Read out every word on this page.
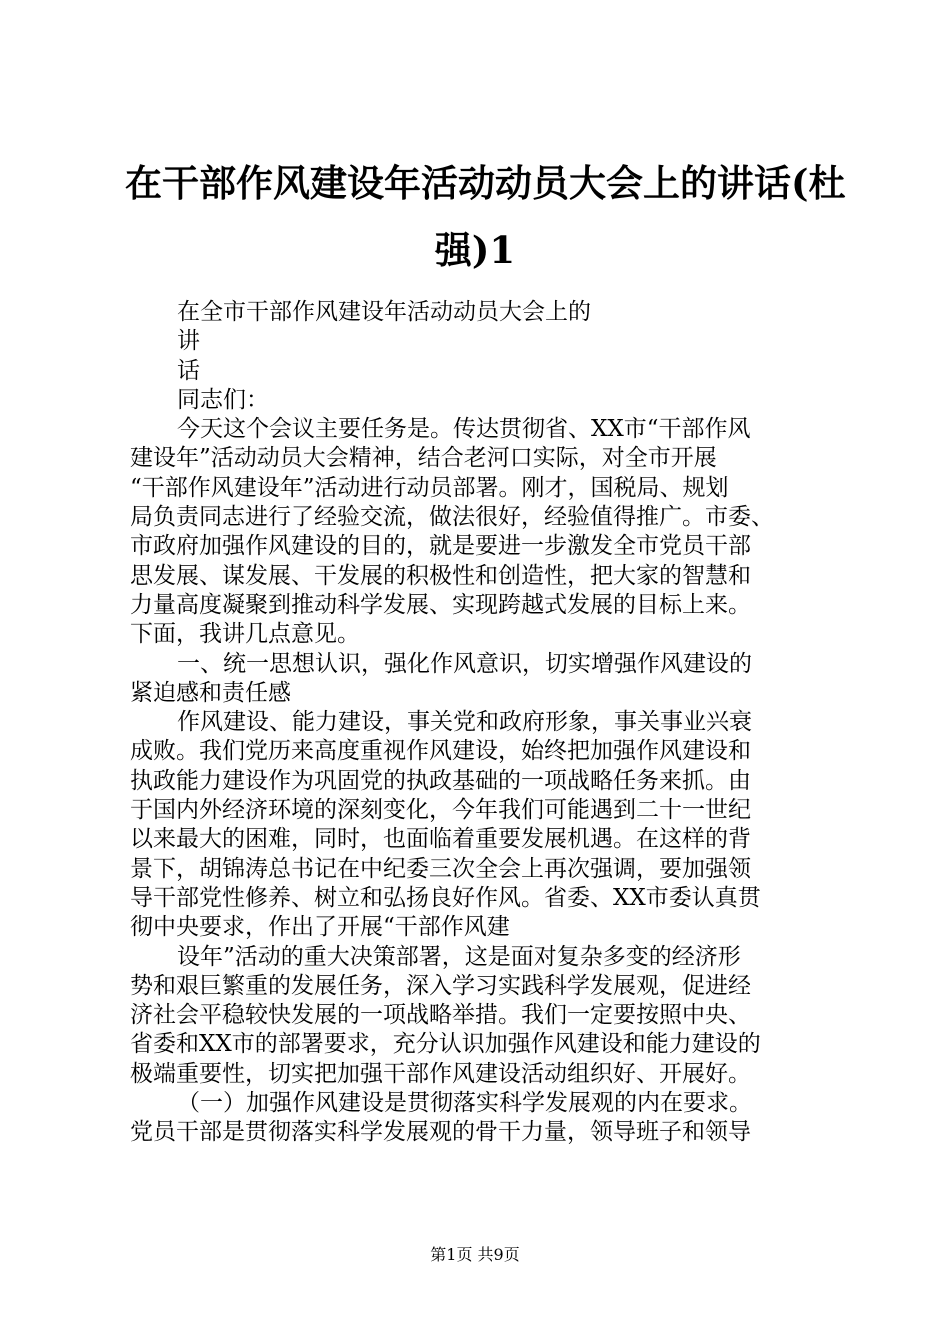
在干部作风建设年活动动员大会上的讲话(杜
强)1
在全市干部作风建设年活动动员大会上的
讲
话
同志们：
今天这个会议主要任务是。传达贯彻省、XX市“干部作风
建设年”活动动员大会精神，结合老河口实际，对全市开展
“干部作风建设年”活动进行动员部署。刚才，国税局、规划
局负责同志进行了经验交流，做法很好，经验值得推广。市委、
市政府加强作风建设的目的，就是要进一步激发全市党员干部
思发展、谋发展、干发展的积极性和创造性，把大家的智慧和
力量高度凝聚到推动科学发展、实现跨越式发展的目标上来。
下面，我讲几点意见。
一、统一思想认识，强化作风意识，切实增强作风建设的
紧迫感和责任感
作风建设、能力建设，事关党和政府形象，事关事业兴衰
成败。我们党历来高度重视作风建设，始终把加强作风建设和
执政能力建设作为巩固党的执政基础的一项战略任务来抓。由
于国内外经济环境的深刻变化，今年我们可能遇到二十一世纪
以来最大的困难，同时，也面临着重要发展机遇。在这样的背
景下，胡锦涛总书记在中纪委三次全会上再次强调，要加强领
导干部党性修养、树立和弘扬良好作风。省委、XX市委认真贯
彻中央要求，作出了开展“干部作风建
设年”活动的重大决策部署，这是面对复杂多变的经济形
势和艰巨繁重的发展任务，深入学习实践科学发展观，促进经
济社会平稳较快发展的一项战略举措。我们一定要按照中央、
省委和XX市的部署要求，充分认识加强作风建设和能力建设的
极端重要性，切实把加强干部作风建设活动组织好、开展好。
（一）加强作风建设是贯彻落实科学发展观的内在要求。
党员干部是贯彻落实科学发展观的骨干力量，领导班子和领导
第1页 共9页
